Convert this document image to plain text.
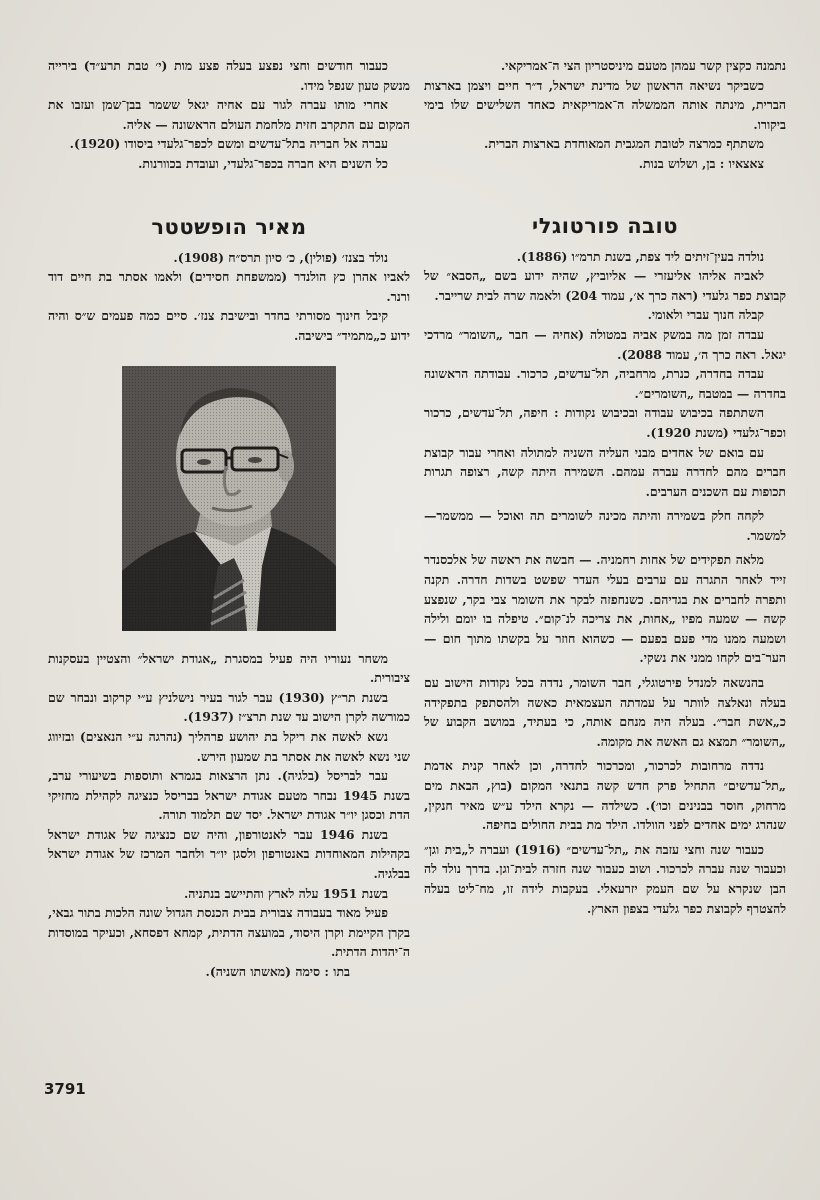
נתמנה כקצין קשר עמהן מטעם מיניסטריון הצי ה־אמריקאי.

כשביקר נשיאה הראשון של מדינת ישראל, ד״ר חיים ויצמן בארצות הברית, מינתה אותה הממשלה ה־אמריקאית כאחד השלישים שלו בימי ביקורו.

משתתף כמרצה לטובת המגבית המאוחדת בארצות הברית.

צאצאיו : בן, ושלוש בנות.

טובה פורטוגלי

נולדה בעין־זיתים ליד צפת, בשנת תרמ״ו (1886).

לאביה אליהו אליעזרי — אליוביץ, שהיה ידוע בשם „הסבא״ של קבוצת כפר גלעדי (ראה כרך א׳, עמוד 204) ולאמה שרה לבית שרייבר.

קבלה חנוך עברי ולאומי.

עבדה זמן מה במשק אביה במטולה (אחיה — חבר „השומר״ מרדכי יגאל. ראה כרך ה׳, עמוד 2088).

עבדה בחדרה, כנרת, מרחביה, תל־עדשים, כרכור. עבודתה הראשונה בחדרה — במטבח „השומרים״.

השתתפה בכיבוש עבודה ובכיבוש נקודות : חיפה, תל־עדשים, כרכור וכפר־גלעדי (משנת 1920).

עם בואם של אחדים מבני העליה השניה למתולה ואחרי עבור קבוצת חברים מהם לחדרה עברה עמהם. השמירה היתה קשה, רצופה תגרות תכופות עם השכנים הערבים.

לקחה חלק בשמירה והיתה מכינה לשומרים תה ואוכל — ממשמר— למשמר.

מלאה תפקידים של אחות רחמניה. — חבשה את ראשה של אלכסנדר זייד לאחר התגרה עם ערבים בעלי העדר שפשט בשדות חדרה. תקנה ותפרה לחברים את בגדיהם. כשנחפזה לבקר את השומר צבי בקר, שנפצע קשה — שמעה מפיו „אחות, את צריכה לנ־קום״. טיפלה בו יומם ולילה ושמעה ממנו מדי פעם בפעם — כשהוא חוזר על בקשתו מתוך חום — הער־בים לקחו ממני את נשקי.

בהנשאה למנדל פירטוגלי, חבר השומר, נדדה בכל נקודות הישוב עם בעלה ונאלצה לוותר על עמדתה העצמאית כאשה ולהסתפק בתפקידה כ„אשת חבר״. בעלה היה מנחם אותה, כי בעתיד, במושב הקבוע של „השומר״ תמצא גם האשה את מקומה.

נדדה מרחובות לכרכור, ומכרכור לחדרה, וכן לאחר קנית אדמת „תל־עדשים״ התחיל פרק חדש קשה בתנאי המקום (בוץ, הבאת מים מרחוק, חוסר בבנינים וכו׳). כשילדה — נקרא הילד ע״ש מאיר חנקין, שנהרג ימים אחדים לפני הוולדו. הילד מת בבית החולים בחיפה.

כעבור שנה וחצי עזבה את „תל־עדשים״ (1916) ועברה ל„בית וגן״ וכעבור שנה עברה לכרכור. ושוב כעבור שנה חזרה לבית־וגן. בדרך נולד לה הבן שנקרא על שם העמק יזרעאלי. בעקבות לידה זו, מח־ליט בעלה להצטרף לקבוצת כפר גלעדי בצפון הארץ.

כעבור חודשים וחצי נפצע בעלה פצע מות (י׳ טבת תרע״ד) בירייה מנשק טעון שנפל מידו.

אחרי מותו עברה לגור עם אחיה יגאל ששמר בבן־שמן ועזבו את המקום עם התקרב חזית מלחמת העולם הראשונה — אליה.

עברה אל חבריה בתל־עדשים ומשם לכפר־גלעדי ביסודו (1920).

כל השנים היא חברה בכפר־גלעדי, ועובדת בכוורנות.

מאיר הופשטטר

נולד בצנז׳ (פולין), כ׳ סיון תרס״ח (1908).

לאביו אהרן כץ הולנדר (ממשפחת חסידים) ולאמו אסתר בת חיים דוד ורנר.

קיבל חינוך מסורתי בחדר ובישיבת צנז׳. סיים כמה פעמים ש״ס והיה ידוע כ„מתמיד״ בישיבה.

משחר נעוריו היה פעיל במסגרת „אגודת ישראל״ והצטיין בעסקנות ציבורית.

בשנת תר״ץ (1930) עבר לגור בעיר נישלניץ ע״י קרקוב ונבחר שם כמורשה לקרן הישוב עד שנת תרצ״ז (1937).

נשא לאשה את ריקל בת יהושע פרהליך (נהרגה ע״י הנאצים) ובזיווג שני נשא לאשה את אסתר בת שמעון הירש.

עבר לבריסל (בלגיה). נתן הרצאות בגמרא ותוספות בשיעורי ערב, בשנת 1945 נבחר מטעם אגודת ישראל בבריסל כנציגה לקהילת מחזיקי הדת וכסגן יו״ר אגודת ישראל. יסד שם תלמוד תורה.

בשנת 1946 עבר לאנטורפון, והיה שם כנציגה של אגודת ישראל בקהילות המאוחדות באנטורפון ולסגן יו״ר ולחבר המרכז של אגודת ישראל בבלגיה.

בשנת 1951 עלה לארץ והתיישב בנתניה.

פעיל מאוד בעבודה צבורית בבית הכנסת הגדול שונה הלכות בתור גבאי, בקרן הקיימת וקרן היסוד, במועצה הדתית, קמחא דפסחא, וכעיקר במוסדות ה־יהדות הדתית.

בתו : סימה (מאשתו השניה).

3791
